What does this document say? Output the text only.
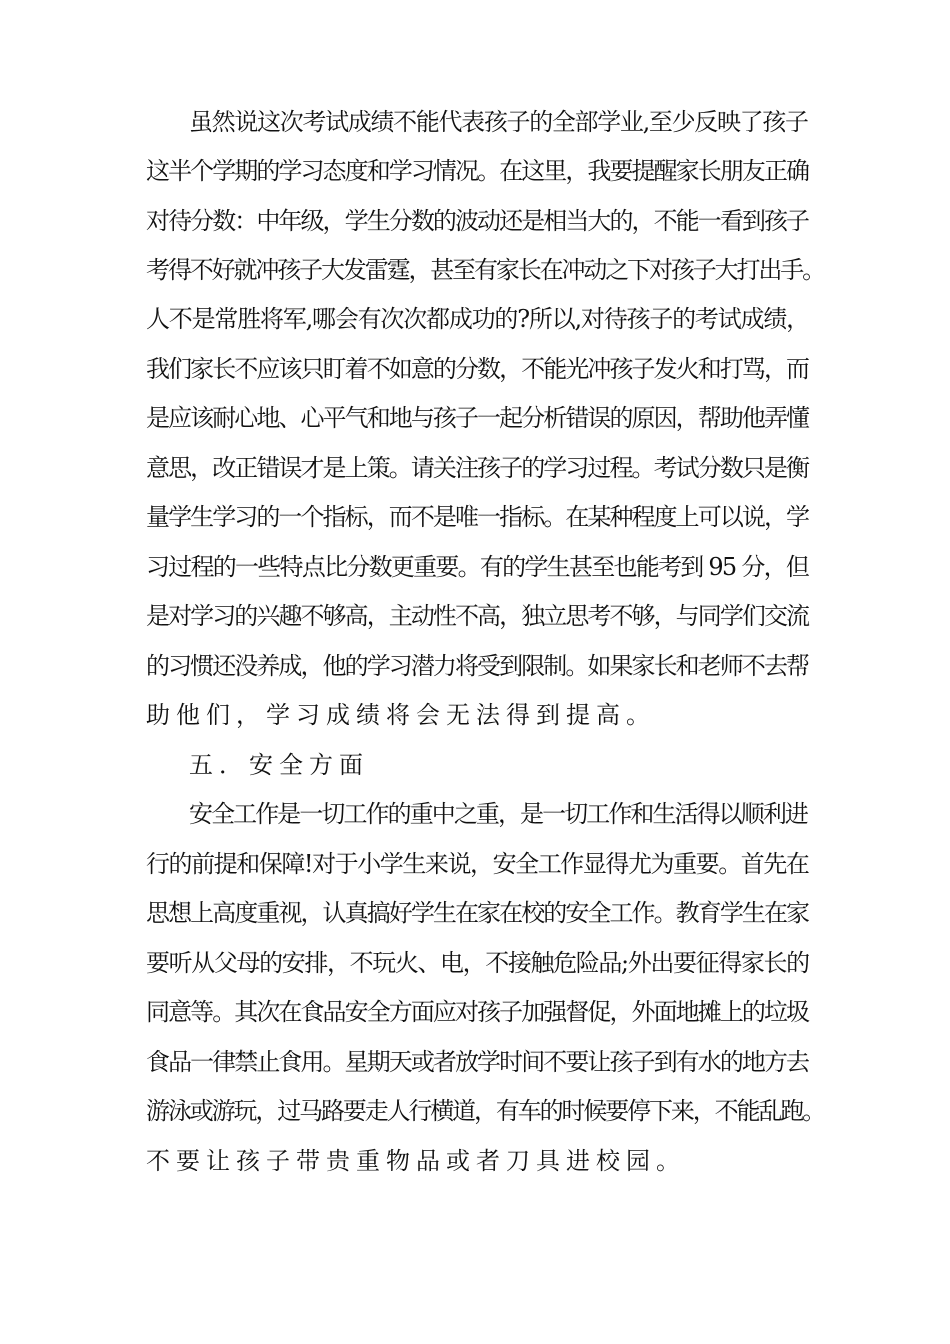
虽然说这次考试成绩不能代表孩子的全部学业,至少反映了孩子
这半个学期的学习态度和学习情况。在这里，我要提醒家长朋友正确
对待分数：中年级，学生分数的波动还是相当大的，不能一看到孩子
考得不好就冲孩子大发雷霆，甚至有家长在冲动之下对孩子大打出手。
人不是常胜将军,哪会有次次都成功的?所以,对待孩子的考试成绩，
我们家长不应该只盯着不如意的分数，不能光冲孩子发火和打骂，而
是应该耐心地、心平气和地与孩子一起分析错误的原因，帮助他弄懂
意思，改正错误才是上策。请关注孩子的学习过程。考试分数只是衡
量学生学习的一个指标，而不是唯一指标。在某种程度上可以说，学
习过程的一些特点比分数更重要。有的学生甚至也能考到 95 分，但
是对学习的兴趣不够高，主动性不高，独立思考不够，与同学们交流
的习惯还没养成，他的学习潜力将受到限制。如果家长和老师不去帮
助他们，学习成绩将会无法得到提高。
五．安全方面
安全工作是一切工作的重中之重，是一切工作和生活得以顺利进
行的前提和保障!对于小学生来说，安全工作显得尤为重要。首先在
思想上高度重视，认真搞好学生在家在校的安全工作。教育学生在家
要听从父母的安排，不玩火、电，不接触危险品;外出要征得家长的
同意等。其次在食品安全方面应对孩子加强督促，外面地摊上的垃圾
食品一律禁止食用。星期天或者放学时间不要让孩子到有水的地方去
游泳或游玩，过马路要走人行横道，有车的时候要停下来，不能乱跑。
不要让孩子带贵重物品或者刀具进校园。
